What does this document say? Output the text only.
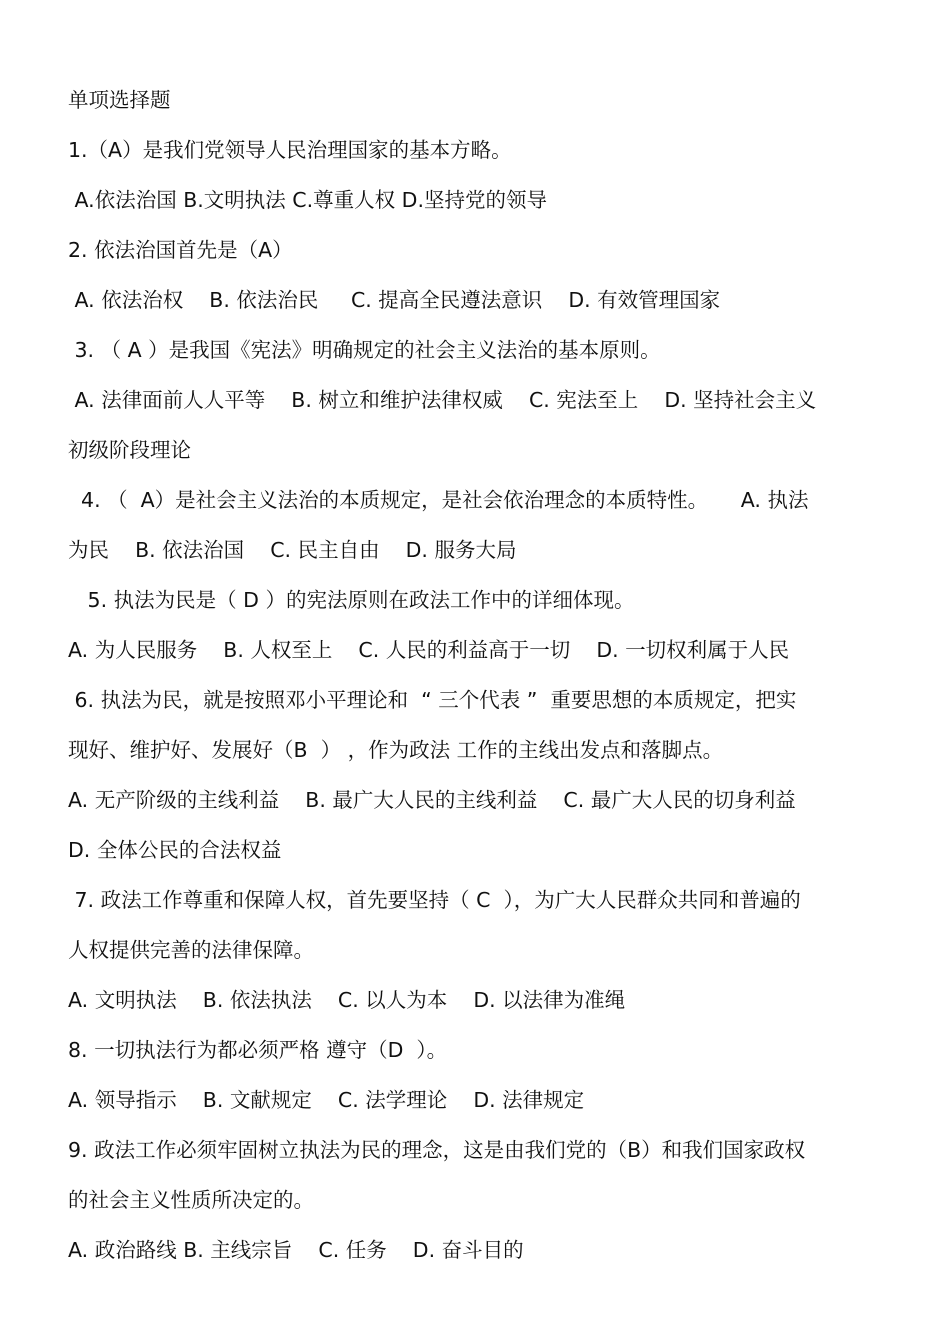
单项选择题
1.（A）是我们党领导人民治理国家的基本方略。
A.依法治国 B.文明执法 C.尊重人权 D.坚持党的领导
2. 依法治国首先是（A）
A. 依法治权    B. 依法治民     C. 提高全民遵法意识    D. 有效管理国家
3. （ A ）是我国《宪法》明确规定的社会主义法治的基本原则。
A. 法律面前人人平等    B. 树立和维护法律权威    C. 宪法至上    D. 坚持社会主义
初级阶段理论
4. （  A）是社会主义法治的本质规定，是社会依治理念的本质特性。     A. 执法
为民    B. 依法治国    C. 民主自由    D. 服务大局
5. 执法为民是（ D ）的宪法原则在政法工作中的详细体现。
A. 为人民服务    B. 人权至上    C. 人民的利益高于一切    D. 一切权利属于人民
6. 执法为民，就是按照邓小平理论和  “ 三个代表 ”  重要思想的本质规定，把实
现好、维护好、发展好（B  ） ，作为政法 工作的主线出发点和落脚点。
A. 无产阶级的主线利益    B. 最广大人民的主线利益    C. 最广大人民的切身利益
D. 全体公民的合法权益
7. 政法工作尊重和保障人权，首先要坚持（ C  ），为广大人民群众共同和普遍的
人权提供完善的法律保障。
A. 文明执法    B. 依法执法    C. 以人为本    D. 以法律为准绳
8. 一切执法行为都必须严格 遵守（D  ）。
A. 领导指示    B. 文献规定    C. 法学理论    D. 法律规定
9. 政法工作必须牢固树立执法为民的理念，这是由我们党的（B）和我们国家政权
的社会主义性质所决定的。
A. 政治路线 B. 主线宗旨    C. 任务    D. 奋斗目的
